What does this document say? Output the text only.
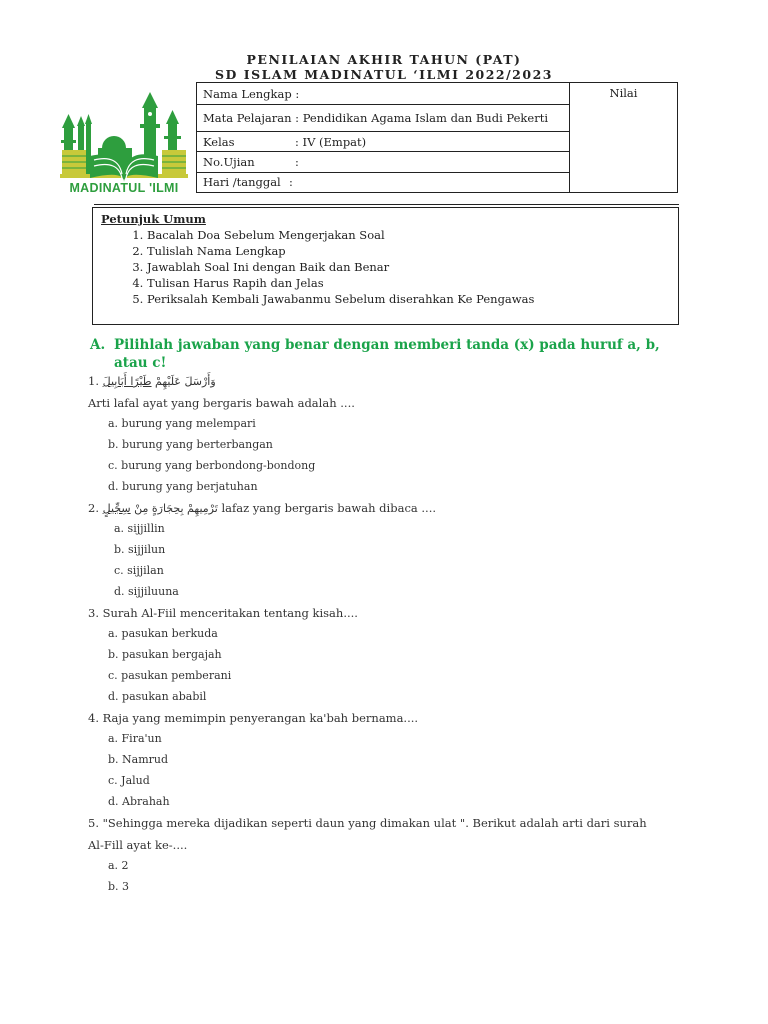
PENILAIAN AKHIR TAHUN (PAT)
SD ISLAM MADINATUL ‘ILMI 2022/2023
MADINATUL 'ILMI
Nama Lengkap :	Nilai
Mata Pelajaran : Pendidikan Agama Islam dan Budi Pekerti
Kelas	: IV (Empat)
No.Ujian	:
Hari /tanggal :
Petunjuk Umum
1. Bacalah Doa Sebelum Mengerjakan Soal
2. Tulislah Nama Lengkap
3. Jawablah Soal Ini dengan Baik dan Benar
4. Tulisan Harus Rapih dan Jelas
5. Periksalah Kembali Jawabanmu Sebelum diserahkan Ke Pengawas
A. Pilihlah jawaban yang benar dengan memberi tanda (x) pada huruf a, b, atau c!
1.	وَأَرْسَلَ عَلَيْهِمْ طَيْرًا أَبَابِيلَ
Arti lafal ayat yang bergaris bawah adalah ....
a. burung yang melempari
b. burung yang berterbangan
c. burung yang berbondong-bondong
d. burung yang berjatuhan
2.	تَرْمِيهِمْ بِحِجَارَةٍ مِنْ سِجِّيلٍ	lafaz yang bergaris bawah dibaca ....
a. sijjillin
b. sijjilun
c. sijjilan
d. sijjiluuna
3. Surah Al-Fiil menceritakan tentang kisah....
a. pasukan berkuda
b. pasukan bergajah
c. pasukan pemberani
d. pasukan ababil
4. Raja yang memimpin penyerangan ka'bah bernama....
a. Fira'un
b. Namrud
c. Jalud
d. Abrahah
5. "Sehingga mereka dijadikan seperti daun yang dimakan ulat ". Berikut adalah arti dari surah
Al-Fill ayat ke-....
a. 2
b. 3
